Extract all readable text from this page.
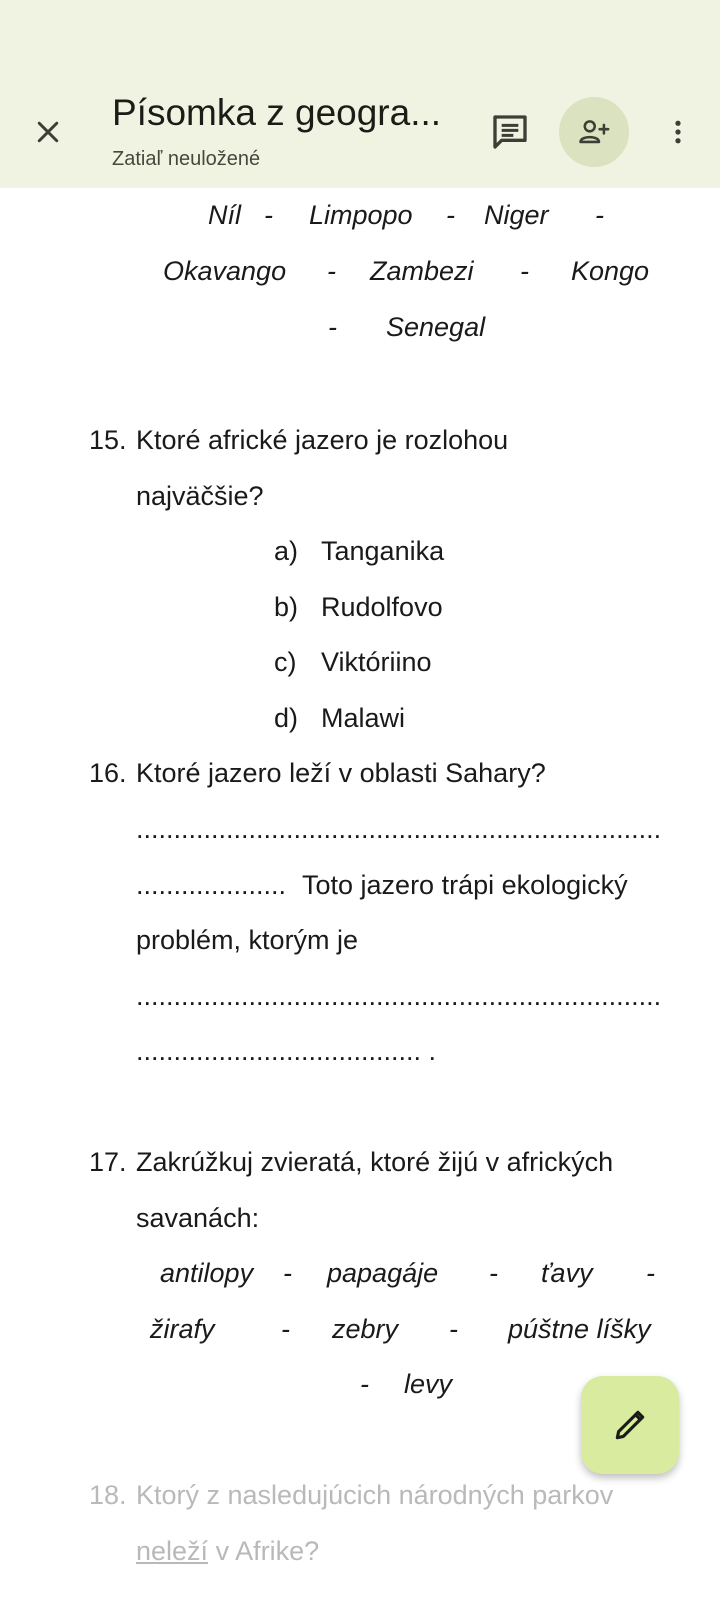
Písomka z geogra...
Zatiaľ neuložené
Níl - Limpopo - Niger -
Okavango - Zambezi - Kongo
- Senegal
15. Ktoré africké jazero je rozlohou
najväčšie?
a) Tanganika
b) Rudolfovo
c) Viktóriino
d) Malawi
16. Ktoré jazero leží v oblasti Sahary?
......................................................................
.................... Toto jazero trápi ekologický
problém, ktorým je
......................................................................
...................................... .
17. Zakrúžkuj zvieratá, ktoré žijú v afrických
savanách:
antilopy - papagáje - ťavy -
žirafy - zebry - púštne líšky
- levy
18. Ktorý z nasledujúcich národných parkov
neleží v Afrike?
